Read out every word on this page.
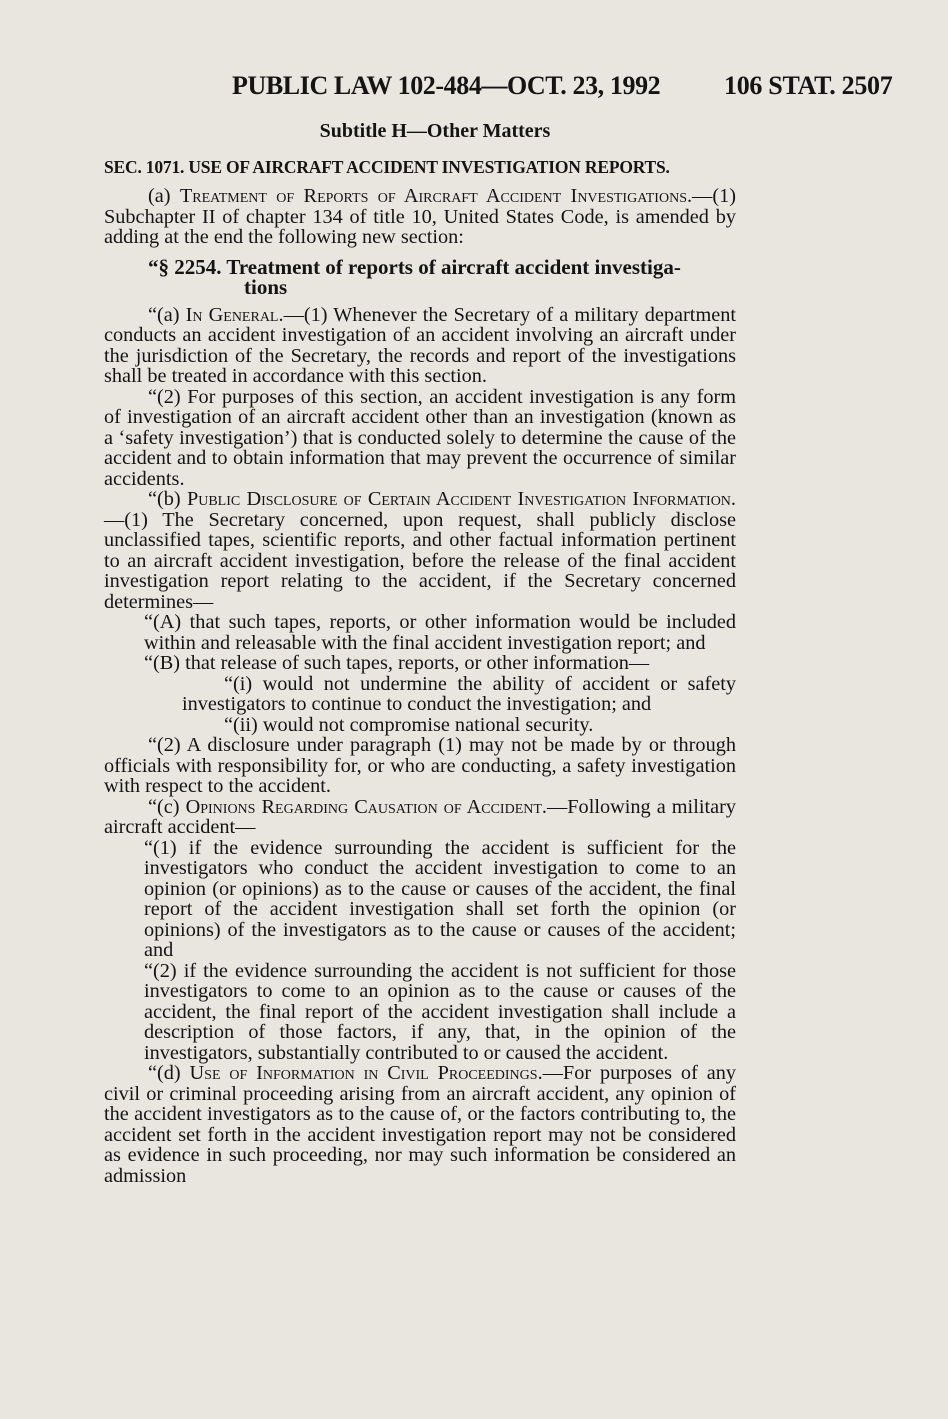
PUBLIC LAW 102-484—OCT. 23, 1992 106 STAT. 2507
Subtitle H—Other Matters
SEC. 1071. USE OF AIRCRAFT ACCIDENT INVESTIGATION REPORTS.

(a) Treatment of Reports of Aircraft Accident Investigations.—(1) Subchapter II of chapter 134 of title 10, United States Code, is amended by adding at the end the following new section:

“§ 2254. Treatment of reports of aircraft accident investiga-
tions

“(a) In General.—(1) Whenever the Secretary of a military department conducts an accident investigation of an accident involving an aircraft under the jurisdiction of the Secretary, the records and report of the investigations shall be treated in accordance with this section.

“(2) For purposes of this section, an accident investigation is any form of investigation of an aircraft accident other than an investigation (known as a ‘safety investigation’) that is conducted solely to determine the cause of the accident and to obtain information that may prevent the occurrence of similar accidents.

“(b) Public Disclosure of Certain Accident Investigation Information.—(1) The Secretary concerned, upon request, shall publicly disclose unclassified tapes, scientific reports, and other factual information pertinent to an aircraft accident investigation, before the release of the final accident investigation report relating to the accident, if the Secretary concerned determines—

“(A) that such tapes, reports, or other information would be included within and releasable with the final accident investigation report; and

“(B) that release of such tapes, reports, or other information—

“(i) would not undermine the ability of accident or safety investigators to continue to conduct the investigation; and

“(ii) would not compromise national security.

“(2) A disclosure under paragraph (1) may not be made by or through officials with responsibility for, or who are conducting, a safety investigation with respect to the accident.

“(c) Opinions Regarding Causation of Accident.—Following a military aircraft accident—

“(1) if the evidence surrounding the accident is sufficient for the investigators who conduct the accident investigation to come to an opinion (or opinions) as to the cause or causes of the accident, the final report of the accident investigation shall set forth the opinion (or opinions) of the investigators as to the cause or causes of the accident; and

“(2) if the evidence surrounding the accident is not sufficient for those investigators to come to an opinion as to the cause or causes of the accident, the final report of the accident investigation shall include a description of those factors, if any, that, in the opinion of the investigators, substantially contributed to or caused the accident.

“(d) Use of Information in Civil Proceedings.—For purposes of any civil or criminal proceeding arising from an aircraft accident, any opinion of the accident investigators as to the cause of, or the factors contributing to, the accident set forth in the accident investigation report may not be considered as evidence in such proceeding, nor may such information be considered an admission
